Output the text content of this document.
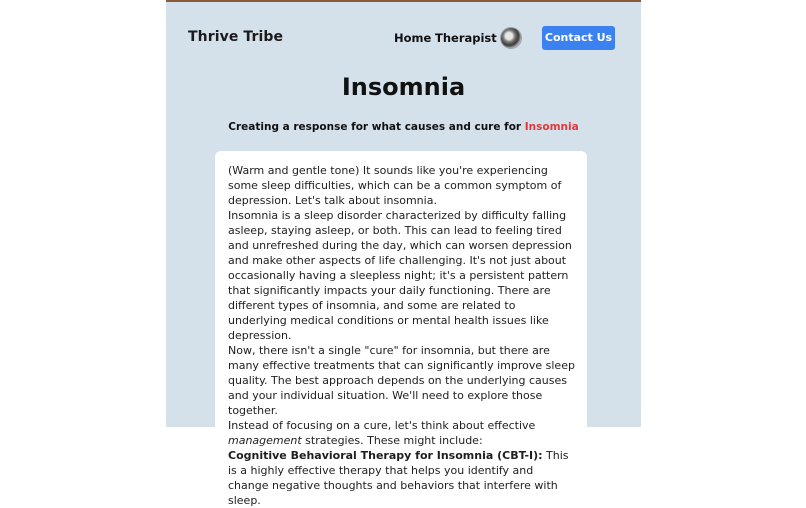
Thrive Tribe	Home Therapist	Contact Us
Insomnia
Creating a response for what causes and cure for Insomnia

(Warm and gentle tone) It sounds like you're experiencing some sleep difficulties, which can be a common symptom of depression. Let's talk about insomnia.

Insomnia is a sleep disorder characterized by difficulty falling asleep, staying asleep, or both. This can lead to feeling tired and unrefreshed during the day, which can worsen depression and make other aspects of life challenging. It's not just about occasionally having a sleepless night; it's a persistent pattern that significantly impacts your daily functioning. There are different types of insomnia, and some are related to underlying medical conditions or mental health issues like depression.

Now, there isn't a single "cure" for insomnia, but there are many effective treatments that can significantly improve sleep quality. The best approach depends on the underlying causes and your individual situation. We'll need to explore those together.

Instead of focusing on a cure, let's think about effective management strategies. These might include:

Cognitive Behavioral Therapy for Insomnia (CBT-I): This is a highly effective therapy that helps you identify and change negative thoughts and behaviors that interfere with sleep.
